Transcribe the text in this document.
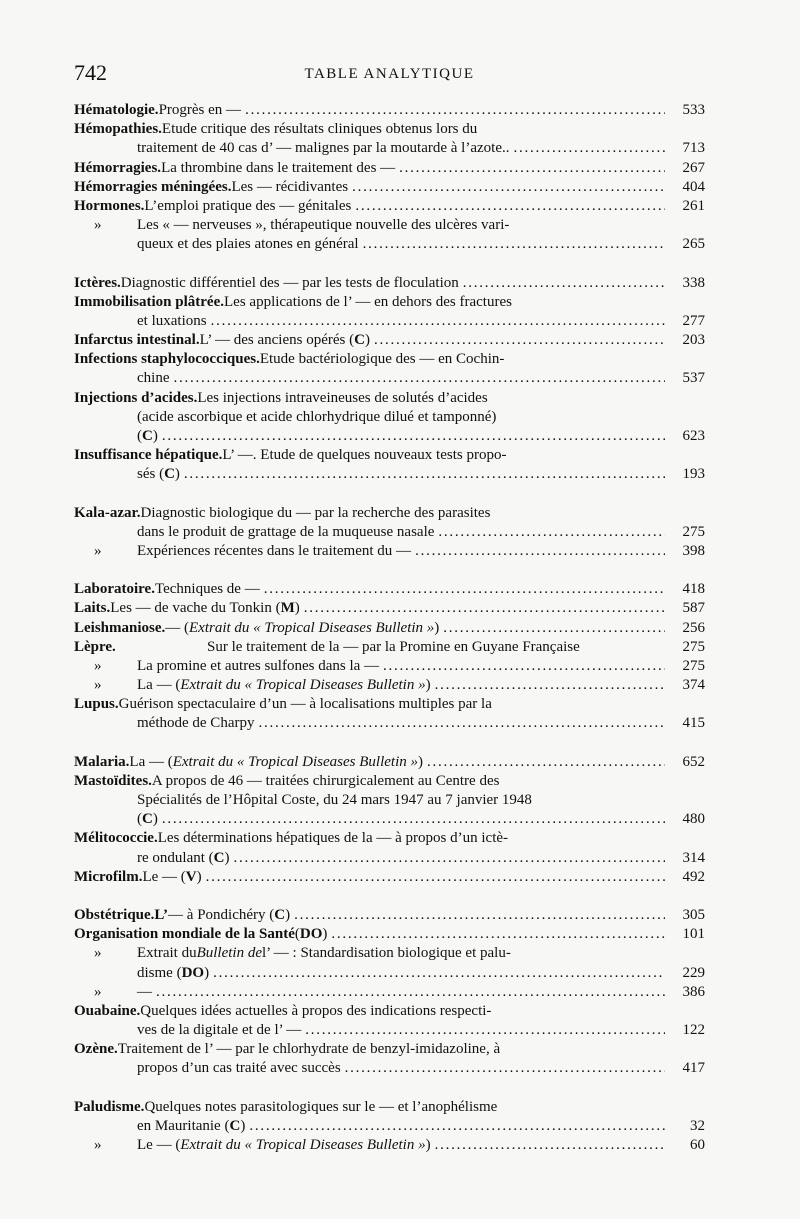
742	TABLE ANALYTIQUE
Hématologie. Progrès en — . . .	533
Hémopathies. Etude critique des résultats cliniques obtenus lors du
traitement de 40 cas d’ — malignes par la moutarde à l’azote.. . . .	713
Hémorragies. La thrombine dans le traitement des — . . .	267
Hémorragies méningées. Les — récidivantes . . .	404
Hormones. L’emploi pratique des — génitales . . .	261
»	Les « — nerveuses », thérapeutique nouvelle des ulcères vari-
queux et des plaies atones en général . . .	265
Ictères. Diagnostic différentiel des — par les tests de floculation . . .	338
Immobilisation plâtrée. Les applications de l’ — en dehors des fractures
et luxations . . .	277
Infarctus intestinal. L’ — des anciens opérés ( C ) . . .	203
Infections staphylococciques. Etude bactériologique des — en Cochin-
chine . . .	537
Injections d’acides. Les injections intraveineuses de solutés d’acides
(acide ascorbique et acide chlorhydrique dilué et tamponné)
( C ) . . .	623
Insuffisance hépatique. L’ —. Etude de quelques nouveaux tests propo-
sés ( C ) . . .	193
Kala-azar. Diagnostic biologique du — par la recherche des parasites
dans le produit de grattage de la muqueuse nasale . . .	275
»	Expériences récentes dans le traitement du — . . .	398
Laboratoire. Techniques de — . . .	418
Laits. Les — de vache du Tonkin ( M ) . . .	587
Leishmaniose. — ( Extrait du « Tropical Diseases Bulletin » ) . . .	256
Lèpre.	Sur le traitement de la — par la Promine en Guyane Française	275
»	La promine et autres sulfones dans la — . . .	275
»	La — ( Extrait du « Tropical Diseases Bulletin » ) . . .	374
Lupus. Guérison spectaculaire d’un — à localisations multiples par la
méthode de Charpy . . .	415
Malaria. La — ( Extrait du « Tropical Diseases Bulletin » ) . . .	652
Mastoïdites. A propos de 46 — traitées chirurgicalement au Centre des
Spécialités de l’Hôpital Coste, du 24 mars 1947 au 7 janvier 1948
( C ) . . .	480
Mélitococcie. Les déterminations hépatiques de la — à propos d’un ictè-
re ondulant ( C ) . . .	314
Microfilm. Le — ( V ) . . .	492
Obstétrique. L’ — à Pondichéry ( C ) . . .	305
Organisation mondiale de la Santé ( DO ) . . .	101
»	Extrait du Bulletin de l’ — : Standardisation biologique et palu-
disme ( DO ) . . .	229
»	— . . .	386
Ouabaine. Quelques idées actuelles à propos des indications respecti-
ves de la digitale et de l’ — . . .	122
Ozène. Traitement de l’ — par le chlorhydrate de benzyl-imidazoline, à
propos d’un cas traité avec succès . . .	417
Paludisme. Quelques notes parasitologiques sur le — et l’anophélisme
en Mauritanie ( C ) . . .	32
»	Le — ( Extrait du « Tropical Diseases Bulletin » ) . . .	60
